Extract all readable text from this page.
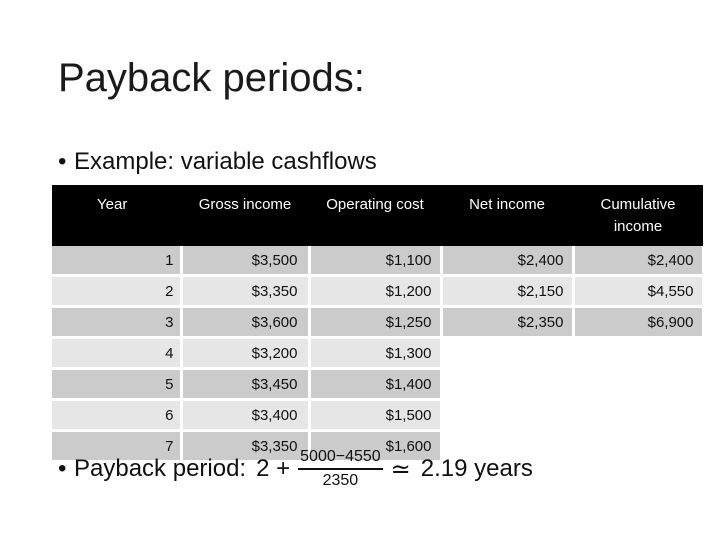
Payback periods:
• Example: variable cashflows
Year	Gross income	Operating cost	Net income	Cumulative
income
1	$3,500	$1,100	$2,400	$2,400
2	$3,350	$1,200	$2,150	$4,550
3	$3,600	$1,250	$2,350	$6,900
4	$3,200	$1,300		
5	$3,450	$1,400		
6	$3,400	$1,500		
7	$3,350	$1,600		
• Payback period: $2 + \frac{5000-4550}{2350}$ ≃ 2.19 years
